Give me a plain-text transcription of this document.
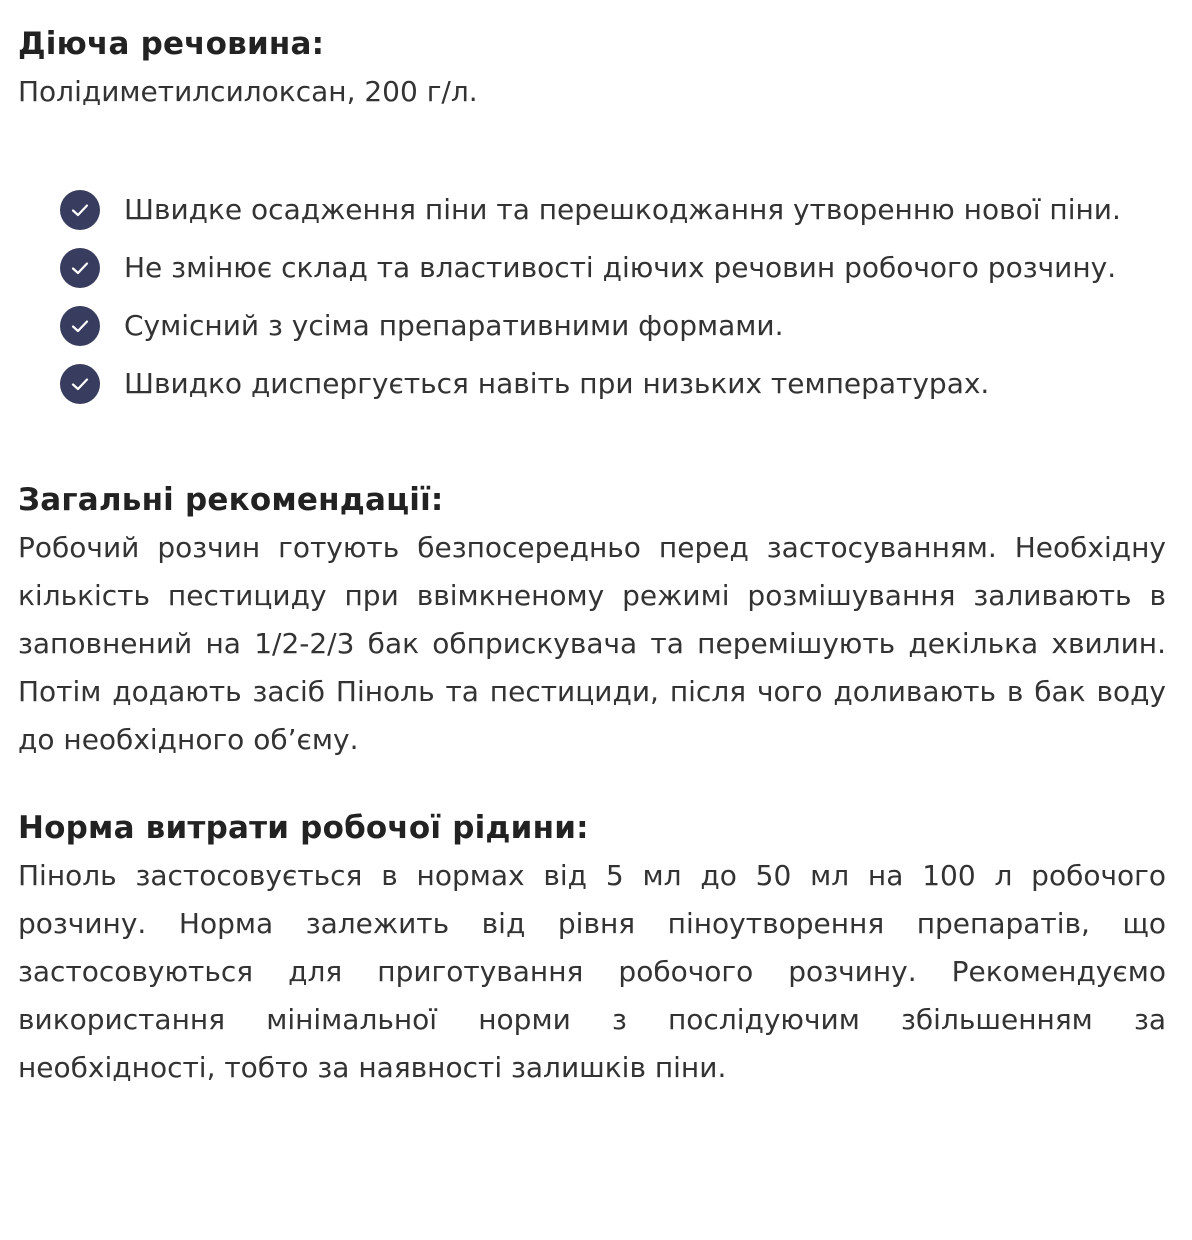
Діюча речовина:

Полідиметилсилоксан, 200 г/л.

Швидке осадження піни та перешкоджання утворенню нової піни.
Не змінює склад та властивості діючих речовин робочого розчину.
Сумісний з усіма препаративними формами.
Швидко диспергується навіть при низьких температурах.
Загальні рекомендації:

Робочий розчин готують безпосередньо перед застосуванням. Необхідну кількість пестициду при ввімкненому режимі розмішування заливають в заповнений на 1/2-2/3 бак обприскувача та перемішують декілька хвилин. Потім додають засіб Піноль та пестициди, після чого доливають в бак воду до необхідного об’єму.

Норма витрати робочої рідини:

Піноль застосовується в нормах від 5 мл до 50 мл на 100 л робочого розчину. Норма залежить від рівня піноутворення препаратів, що застосовуються для приготування робочого розчину. Рекомендуємо використання мінімальної норми з послідуючим збільшенням за необхідності, тобто за наявності залишків піни.
